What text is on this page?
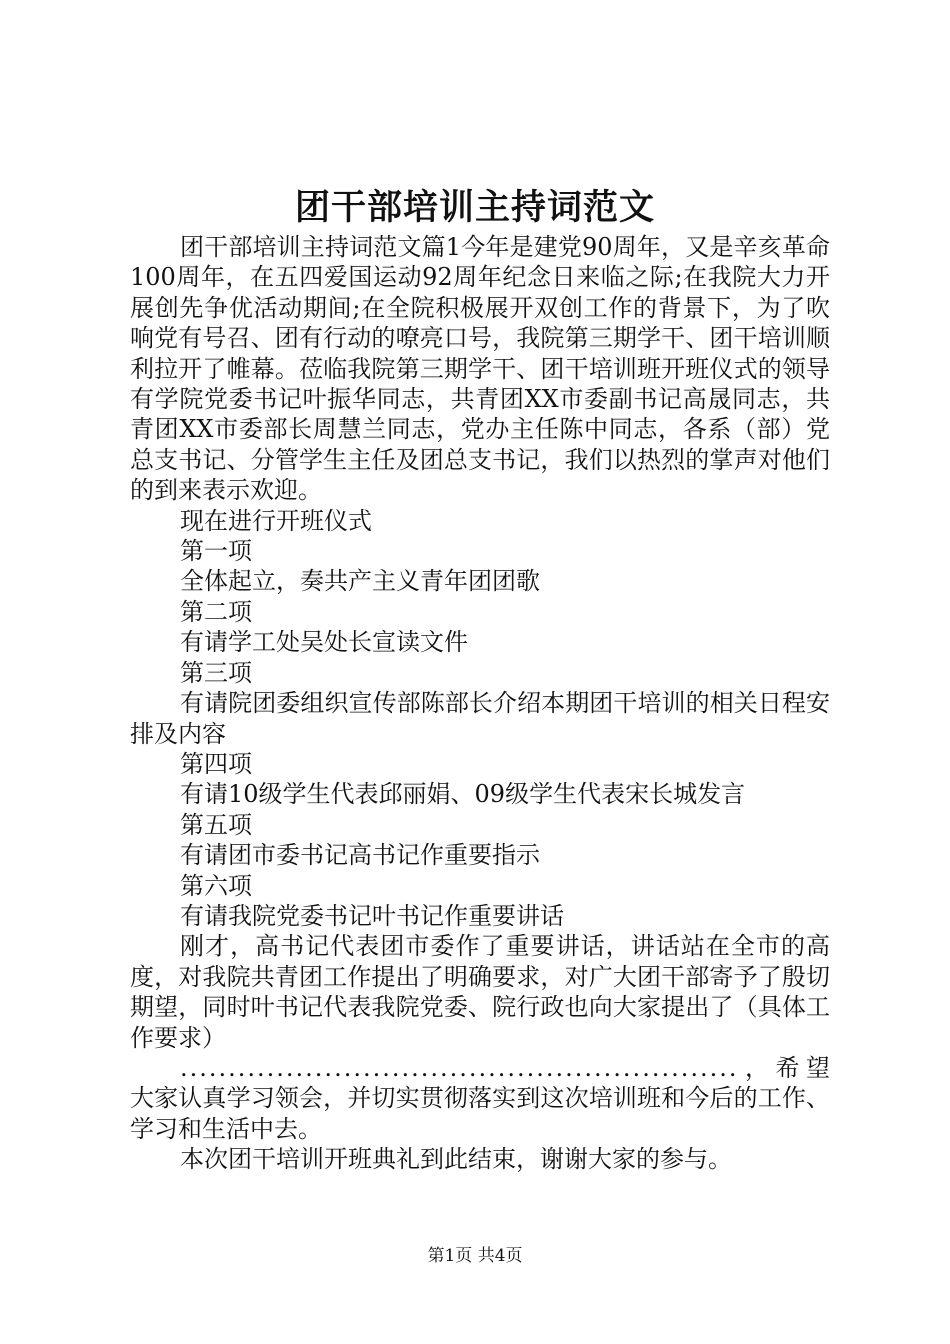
团干部培训主持词范文

团干部培训主持词范文篇1今年是建党90周年，又是辛亥革命100周年，在五四爱国运动92周年纪念日来临之际;在我院大力开展创先争优活动期间;在全院积极展开双创工作的背景下，为了吹响党有号召、团有行动的嘹亮口号，我院第三期学干、团干培训顺利拉开了帷幕。莅临我院第三期学干、团干培训班开班仪式的领导有学院党委书记叶振华同志，共青团XX市委副书记高晟同志，共青团XX市委部长周慧兰同志，党办主任陈中同志，各系（部）党总支书记、分管学生主任及团总支书记，我们以热烈的掌声对他们的到来表示欢迎。

现在进行开班仪式

第一项

全体起立，奏共产主义青年团团歌

第二项

有请学工处吴处长宣读文件

第三项

有请院团委组织宣传部陈部长介绍本期团干培训的相关日程安排及内容

第四项

有请10级学生代表邱丽娟、09级学生代表宋长城发言

第五项

有请团市委书记高书记作重要指示

第六项

有请我院党委书记叶书记作重要讲话

刚才，高书记代表团市委作了重要讲话，讲话站在全市的高度，对我院共青团工作提出了明确要求，对广大团干部寄予了殷切期望，同时叶书记代表我院党委、院行政也向大家提出了（具体工作要求）

..........................................................，希望大家认真学习领会，并切实贯彻落实到这次培训班和今后的工作、学习和生活中去。

本次团干培训开班典礼到此结束，谢谢大家的参与。

第1页 共4页
